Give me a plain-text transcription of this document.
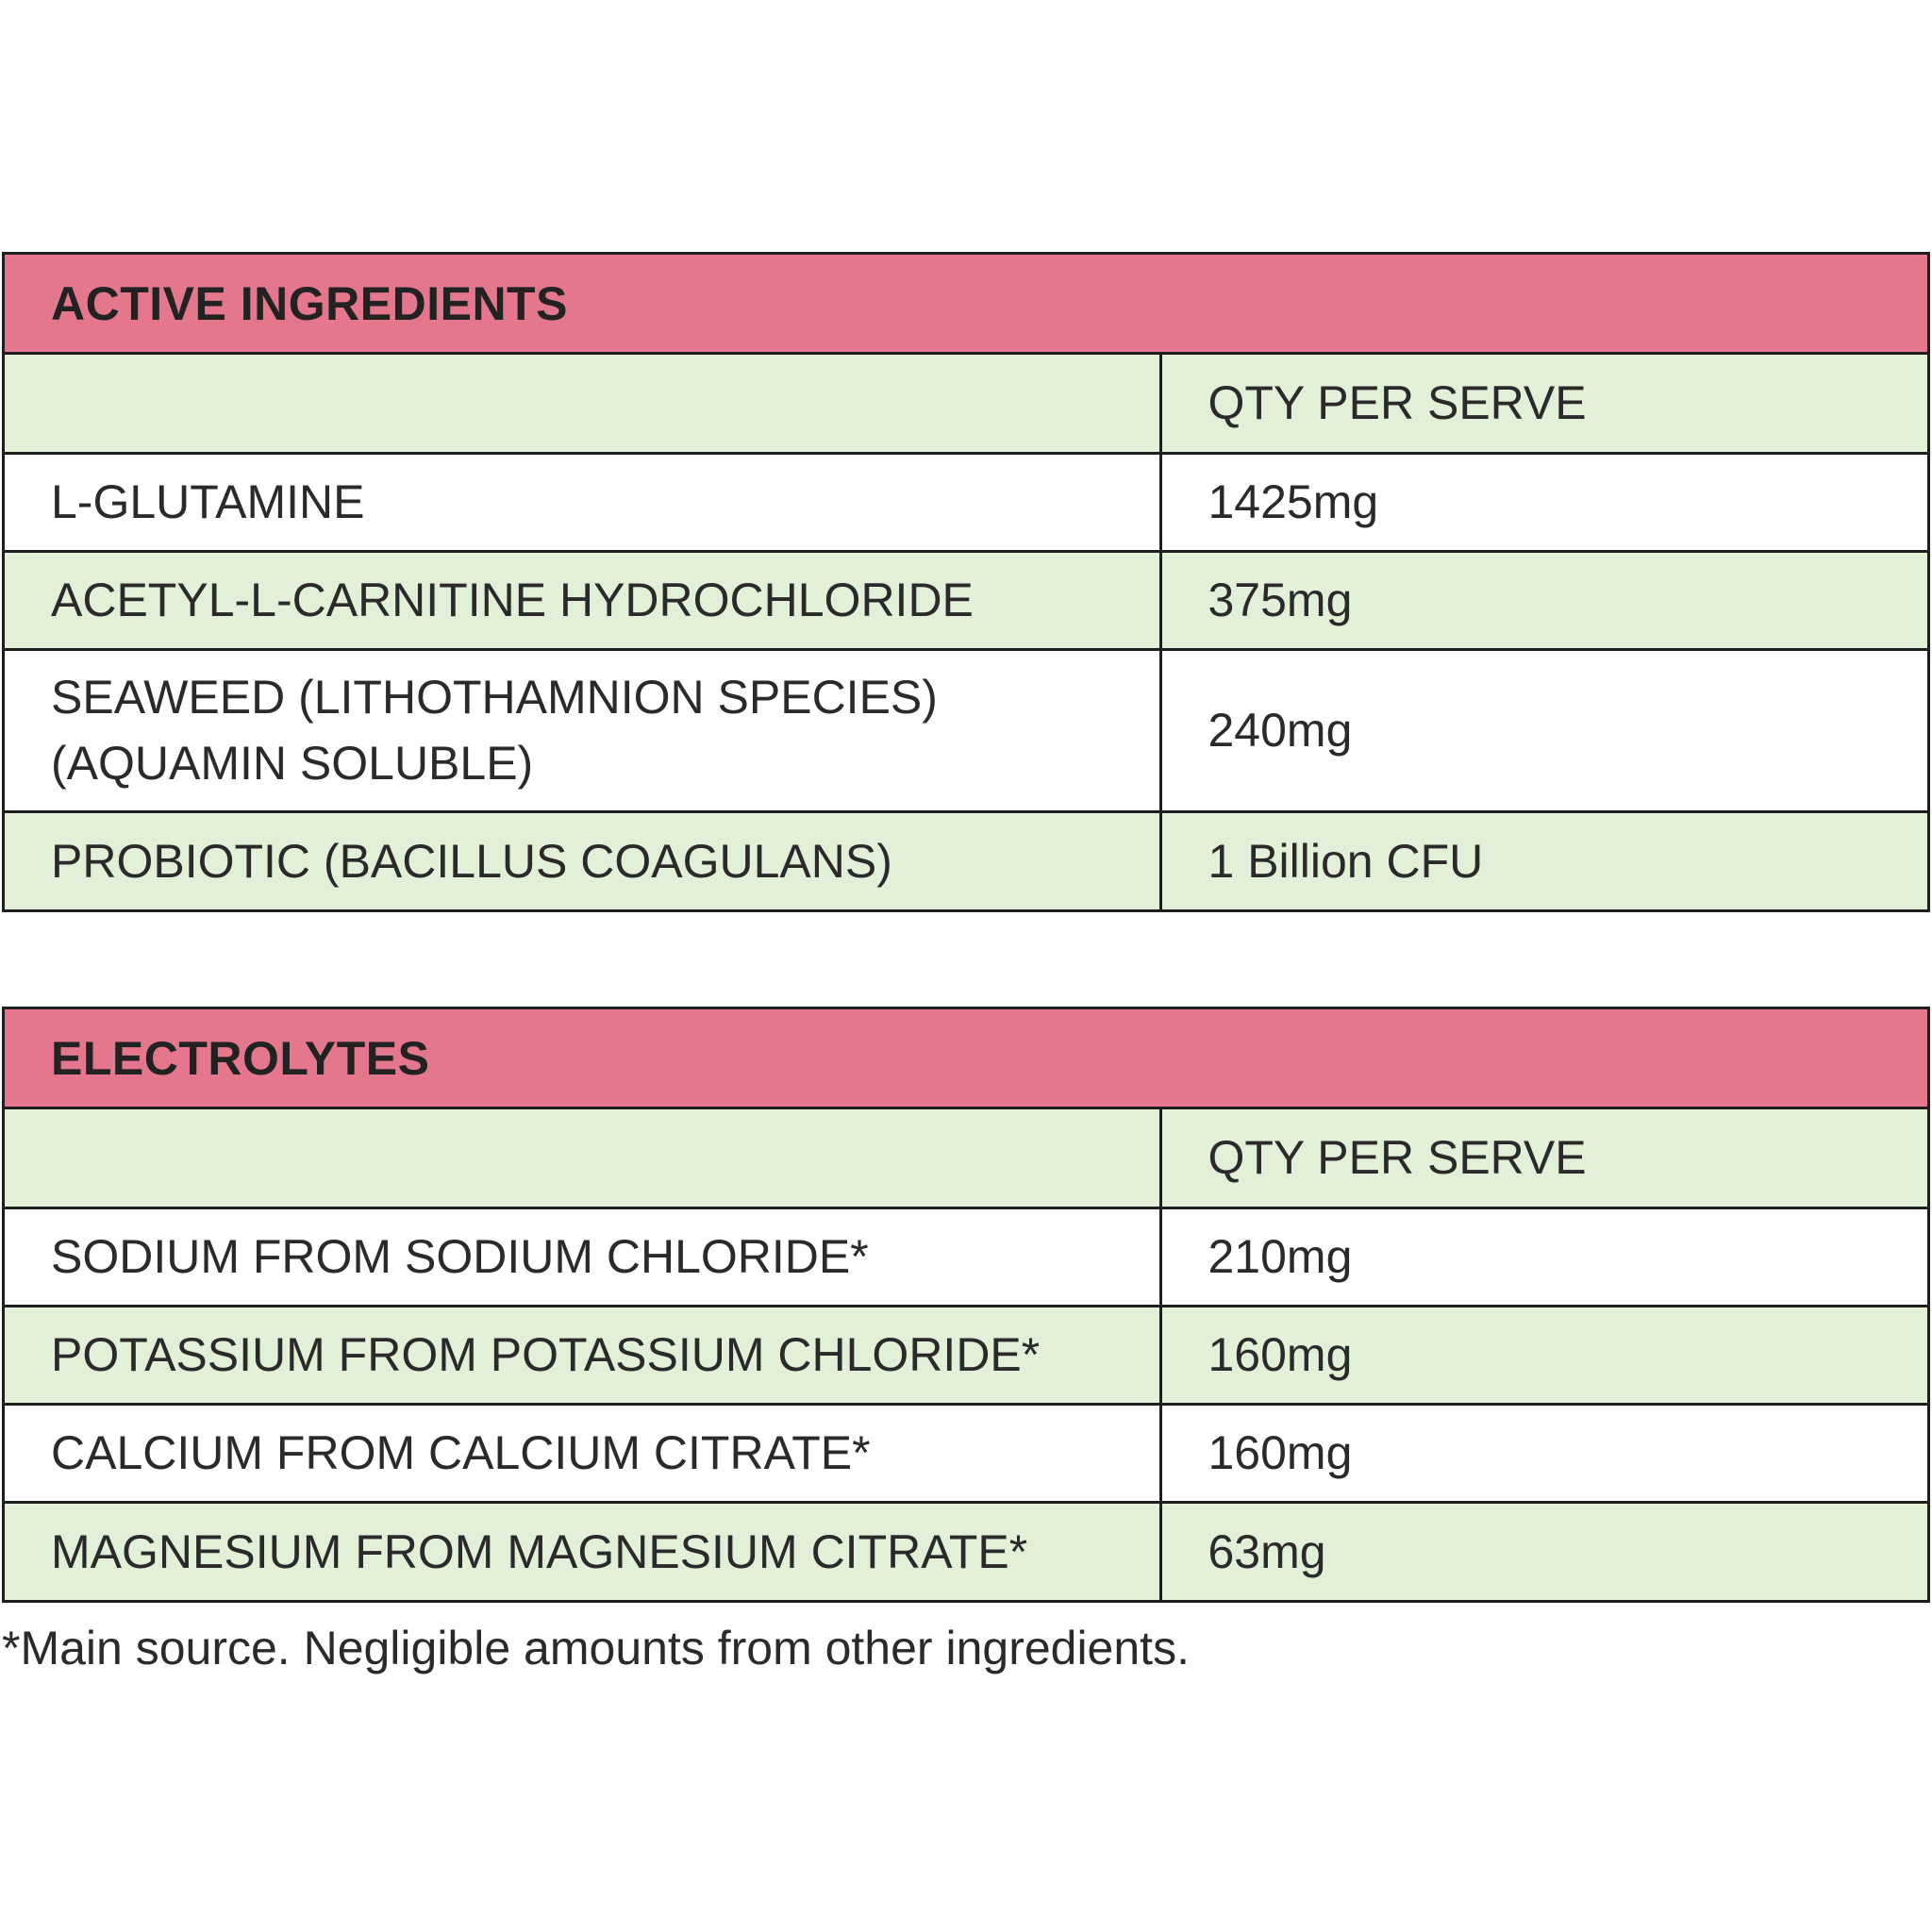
ACTIVE INGREDIENTS
	QTY PER SERVE
L-GLUTAMINE	1425mg
ACETYL-L-CARNITINE HYDROCHLORIDE	375mg

SEAWEED (LITHOTHAMNION SPECIES)
(AQUAMIN SOLUBLE)	240mg
PROBIOTIC (BACILLUS COAGULANS)	1 Billion CFU
ELECTROLYTES
	QTY PER SERVE
SODIUM FROM SODIUM CHLORIDE*	210mg
POTASSIUM FROM POTASSIUM CHLORIDE*	160mg
CALCIUM FROM CALCIUM CITRATE*	160mg
MAGNESIUM FROM MAGNESIUM CITRATE*	63mg
*Main source. Negligible amounts from other ingredients.
